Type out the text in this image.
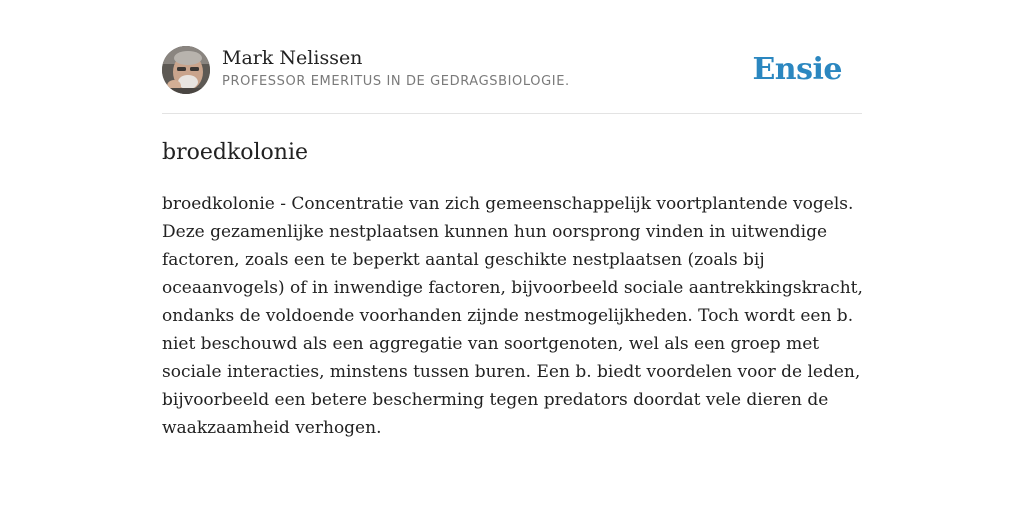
Mark Nelissen
PROFESSOR EMERITUS IN DE GEDRAGSBIOLOGIE.	Ensie
broedkolonie
broedkolonie - Concentratie van zich gemeenschappelijk voortplantende vogels.
Deze gezamenlijke nestplaatsen kunnen hun oorsprong vinden in uitwendige
factoren, zoals een te beperkt aantal geschikte nestplaatsen (zoals bij
oceaanvogels) of in inwendige factoren, bijvoorbeeld sociale aantrekkingskracht,
ondanks de voldoende voorhanden zijnde nestmogelijkheden. Toch wordt een b.
niet beschouwd als een aggregatie van soortgenoten, wel als een groep met
sociale interacties, minstens tussen buren. Een b. biedt voordelen voor de leden,
bijvoorbeeld een betere bescherming tegen predators doordat vele dieren de
waakzaamheid verhogen.
